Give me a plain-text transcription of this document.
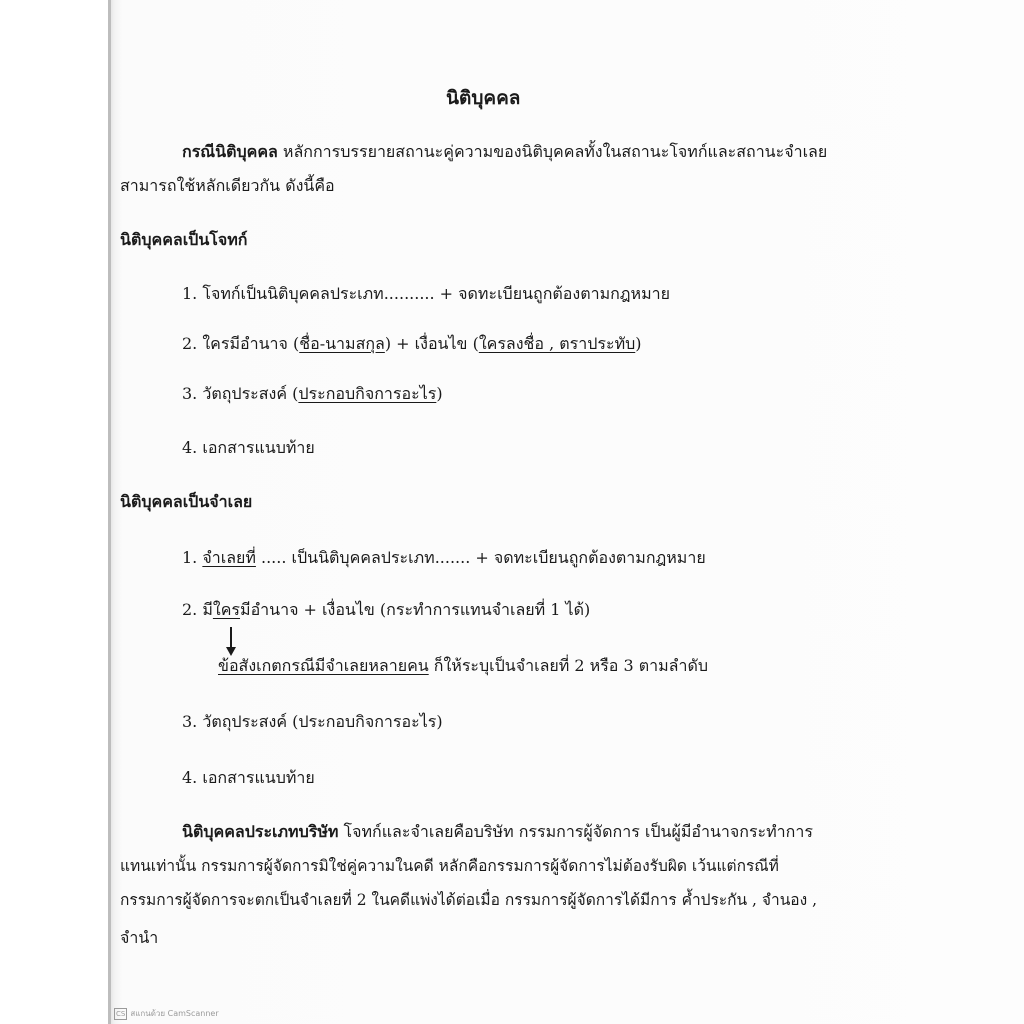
นิติบุคคล
กรณีนิติบุคคล หลักการบรรยายสถานะคู่ความของนิติบุคคลทั้งในสถานะโจทก์และสถานะจำเลย
สามารถใช้หลักเดียวกัน ดังนี้คือ
นิติบุคคลเป็นโจทก์
1. โจทก์เป็นนิติบุคคลประเภท.......... + จดทะเบียนถูกต้องตามกฎหมาย
2. ใครมีอำนาจ (ชื่อ-นามสกุล) + เงื่อนไข (ใครลงชื่อ , ตราประทับ)
3. วัตถุประสงค์ (ประกอบกิจการอะไร)
4. เอกสารแนบท้าย
นิติบุคคลเป็นจำเลย
1. จำเลยที่ ..... เป็นนิติบุคคลประเภท....... + จดทะเบียนถูกต้องตามกฎหมาย
2. มีใครมีอำนาจ + เงื่อนไข (กระทำการแทนจำเลยที่ 1 ได้)
ข้อสังเกตกรณีมีจำเลยหลายคน ก็ให้ระบุเป็นจำเลยที่ 2 หรือ 3 ตามลำดับ
3. วัตถุประสงค์ (ประกอบกิจการอะไร)
4. เอกสารแนบท้าย
นิติบุคคลประเภทบริษัท โจทก์และจำเลยคือบริษัท กรรมการผู้จัดการ เป็นผู้มีอำนาจกระทำการ
แทนเท่านั้น กรรมการผู้จัดการมิใช่คู่ความในคดี หลักคือกรรมการผู้จัดการไม่ต้องรับผิด เว้นแต่กรณีที่
กรรมการผู้จัดการจะตกเป็นจำเลยที่ 2 ในคดีแพ่งได้ต่อเมื่อ กรรมการผู้จัดการได้มีการ ค้ำประกัน , จำนอง ,
จำนำ
CS สแกนด้วย CamScanner
